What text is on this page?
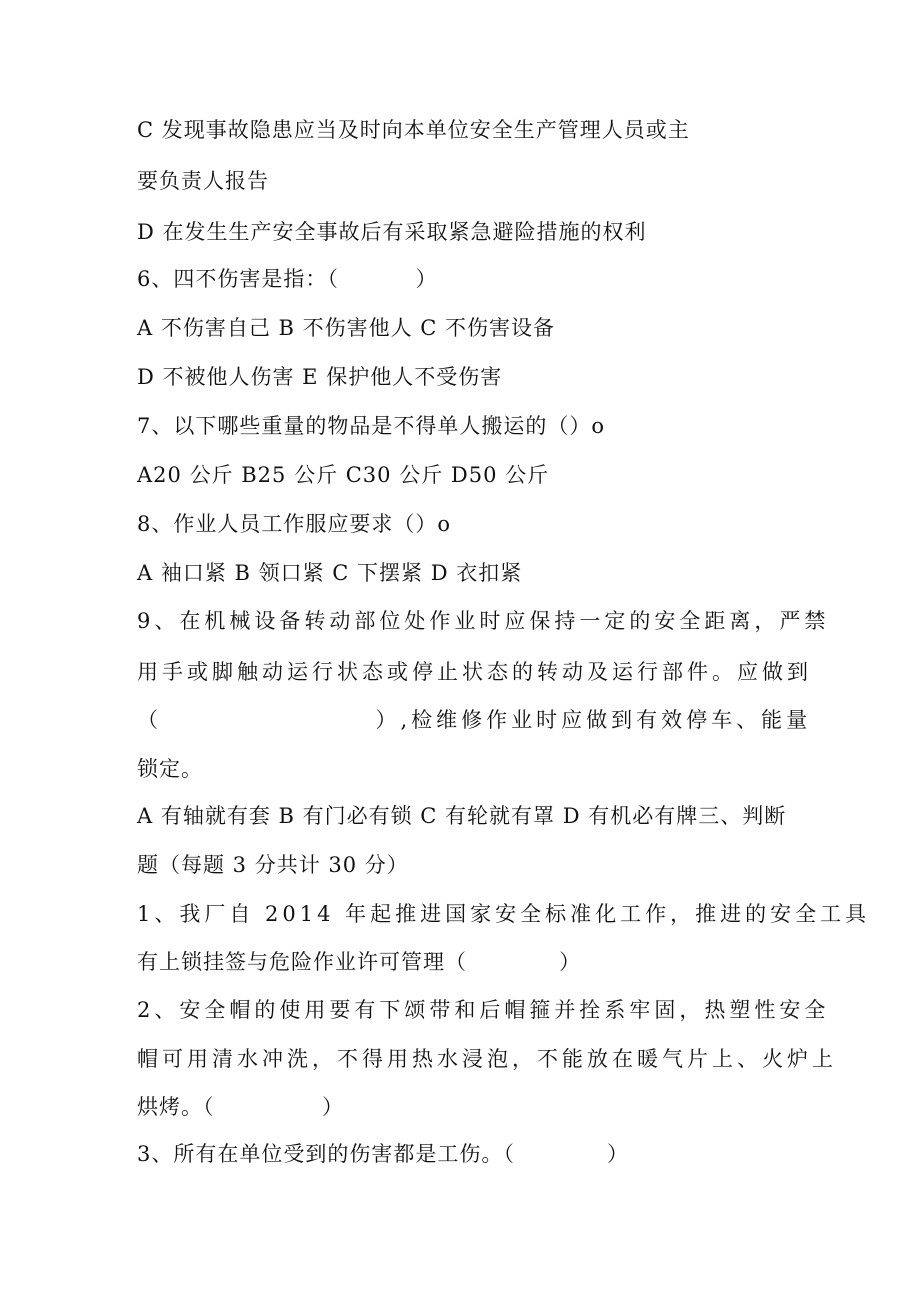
C 发现事故隐患应当及时向本单位安全生产管理人员或主
要负责人报告
D 在发生生产安全事故后有采取紧急避险措施的权利
6、四不伤害是指：（          ）
A 不伤害自己 B 不伤害他人 C 不伤害设备
D 不被他人伤害 E 保护他人不受伤害
7、以下哪些重量的物品是不得单人搬运的（）o
A20 公斤 B25 公斤 C30 公斤 D50 公斤
8、作业人员工作服应要求（）o
A 袖口紧 B 领口紧 C 下摆紧 D 衣扣紧
9、在机械设备转动部位处作业时应保持一定的安全距离，严禁
用手或脚触动运行状态或停止状态的转动及运行部件。应做到
（                    ）,检维修作业时应做到有效停车、能量
锁定。
A 有轴就有套 B 有门必有锁 C 有轮就有罩 D 有机必有牌三、判断
题（每题 3 分共计 30 分）
1、我厂自 2014 年起推进国家安全标准化工作，推进的安全工具
有上锁挂签与危险作业许可管理（            ）
2、安全帽的使用要有下颂带和后帽箍并拴系牢固，热塑性安全
帽可用清水冲洗，不得用热水浸泡，不能放在暖气片上、火炉上
烘烤。（              ）
3、所有在单位受到的伤害都是工伤。（            ）
